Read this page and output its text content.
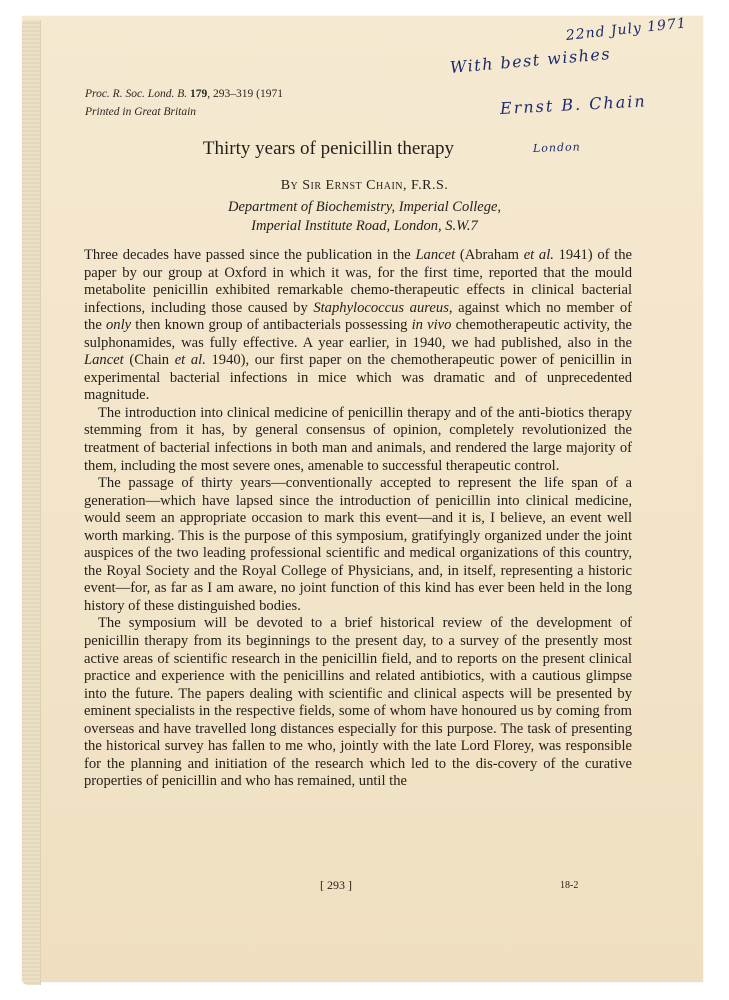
Proc. R. Soc. Lond. B. 179, 293–319 (1971
Printed in Great Britain
Thirty years of penicillin therapy
By Sir Ernst Chain, F.R.S.
Department of Biochemistry, Imperial College,
Imperial Institute Road, London, S.W.7

Three decades have passed since the publication in the Lancet (Abraham et al. 1941) of the paper by our group at Oxford in which it was, for the first time, reported that the mould metabolite penicillin exhibited remarkable chemo-therapeutic effects in clinical bacterial infections, including those caused by Staphylococcus aureus, against which no member of the only then known group of antibacterials possessing in vivo chemotherapeutic activity, the sulphonamides, was fully effective. A year earlier, in 1940, we had published, also in the Lancet (Chain et al. 1940), our first paper on the chemotherapeutic power of penicillin in experimental bacterial infections in mice which was dramatic and of unprecedented magnitude.

The introduction into clinical medicine of penicillin therapy and of the anti-biotics therapy stemming from it has, by general consensus of opinion, completely revolutionized the treatment of bacterial infections in both man and animals, and rendered the large majority of them, including the most severe ones, amenable to successful therapeutic control.

The passage of thirty years—conventionally accepted to represent the life span of a generation—which have lapsed since the introduction of penicillin into clinical medicine, would seem an appropriate occasion to mark this event—and it is, I believe, an event well worth marking. This is the purpose of this symposium, gratifyingly organized under the joint auspices of the two leading professional scientific and medical organizations of this country, the Royal Society and the Royal College of Physicians, and, in itself, representing a historic event—for, as far as I am aware, no joint function of this kind has ever been held in the long history of these distinguished bodies.

The symposium will be devoted to a brief historical review of the development of penicillin therapy from its beginnings to the present day, to a survey of the presently most active areas of scientific research in the penicillin field, and to reports on the present clinical practice and experience with the penicillins and related antibiotics, with a cautious glimpse into the future. The papers dealing with scientific and clinical aspects will be presented by eminent specialists in the respective fields, some of whom have honoured us by coming from overseas and have travelled long distances especially for this purpose. The task of presenting the historical survey has fallen to me who, jointly with the late Lord Florey, was responsible for the planning and initiation of the research which led to the dis-covery of the curative properties of penicillin and who has remained, until the

[ 293 ]	18-2
22nd July 1971
With best wishes
Ernst B. Chain
London
